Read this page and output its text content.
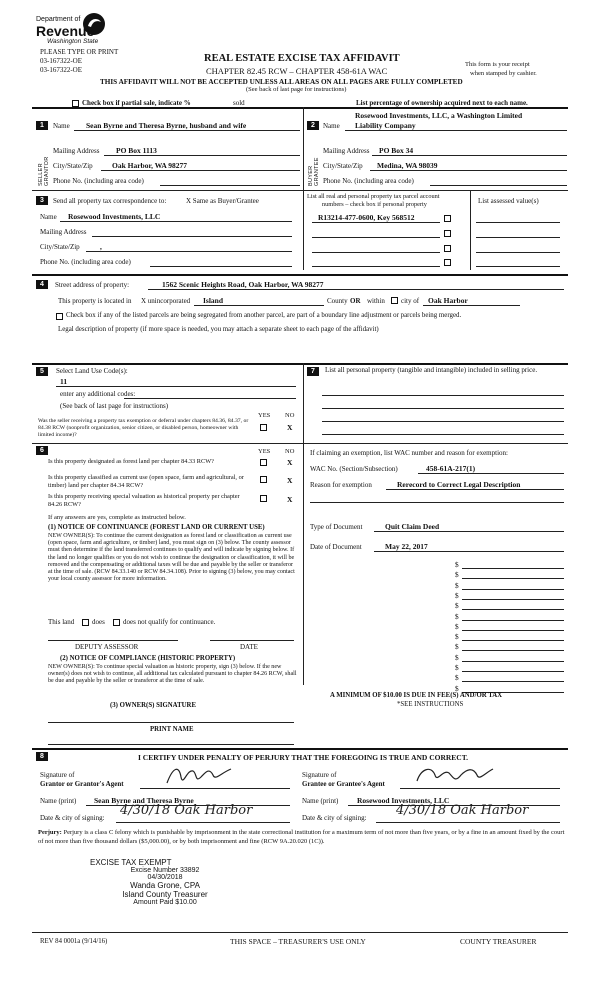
Department of
Revenue
Washington State
PLEASE TYPE OR PRINT
03-167322-OE
03-167322-OE
REAL ESTATE EXCISE TAX AFFIDAVIT
CHAPTER 82.45 RCW – CHAPTER 458-61A WAC
This form is your receipt
when stamped by cashier.
THIS AFFIDAVIT WILL NOT BE ACCEPTED UNLESS ALL AREAS ON ALL PAGES ARE FULLY COMPLETED
(See back of last page for instructions)
Check box if partial sale, indicate %	sold	List percentage of ownership acquired next to each name.
1	Name Sean Byrne and Theresa Byrne, husband and wife
SELLER GRANTOR
Mailing Address PO Box 1113
City/State/Zip	Oak Harbor, WA 98277
Phone No. (including area code)
2
Rosewood Investments, LLC, a Washington Limited
Name Liability Company
BUYER GRANTEE
Mailing Address PO Box 34
City/State/Zip Medina, WA 98039
Phone No. (including area code)
3	Send all property tax correspondence to:	X Same as Buyer/Grantee
Name Rosewood Investments, LLC
Mailing Address
City/State/Zip	,
Phone No. (including area code)
List all real and personal property tax parcel account
numbers – check box if personal property	List assessed value(s)
R13214-477-0600, Key 568512
4	Street address of property:	1562 Scenic Heights Road, Oak Harbor, WA 98277
This property is located in X unincorporated Island	County OR within city of Oak Harbor
Check box if any of the listed parcels are being segregated from another parcel, are part of a boundary line adjustment or parcels being merged.
Legal description of property (if more space is needed, you may attach a separate sheet to each page of the affidavit)
5	Select Land Use Code(s):
11
enter any additional codes:
(See back of last page for instructions)
YES NO
Was the seller receiving a property tax exemption or deferral under chapters 84.36, 84.37, or 84.38 RCW (nonprofit organization, senior citizen, or disabled person, homeowner with limited income)?
X
7	List all personal property (tangible and intangible) included in selling price.
6	YES NO
Is this property designated as forest land per chapter 84.33 RCW?	X
Is this property classified as current use (open space, farm and agricultural, or timber) land per chapter 84.34 RCW?	X
Is this property receiving special valuation as historical property per chapter 84.26 RCW?	X
If any answers are yes, complete as instructed below.
(1) NOTICE OF CONTINUANCE (FOREST LAND OR CURRENT USE)
NEW OWNER(S): To continue the current designation as forest land or classification as current use (open space, farm and agriculture, or timber) land, you must sign on (3) below. The county assessor must then determine if the land transferred continues to qualify and will indicate by signing below. If the land no longer qualifies or you do not wish to continue the designation or classification, it will be removed and the compensating or additional taxes will be due and payable by the seller or transferor at the time of sale. (RCW 84.33.140 or RCW 84.34.108). Prior to signing (3) below, you may contact your local county assessor for more information.
This land	does	does not qualify for continuance.
DEPUTY ASSESSOR	DATE
(2) NOTICE OF COMPLIANCE (HISTORIC PROPERTY)
NEW OWNER(S): To continue special valuation as historic property, sign (3) below. If the new owner(s) does not wish to continue, all additional tax calculated pursuant to chapter 84.26 RCW, shall be due and payable by the seller or transferor at the time of sale.
(3) OWNER(S) SIGNATURE
PRINT NAME
If claiming an exemption, list WAC number and reason for exemption:
WAC No. (Section/Subsection)	458-61A-217(1)
Reason for exemption	Rerecord to Correct Legal Description
Type of Document	Quit Claim Deed
Date of Document	May 22, 2017
$
$
$
$
$
$
$
$
$
$
$
$
$
A MINIMUM OF $10.00 IS DUE IN FEE(S) AND/OR TAX
*SEE INSTRUCTIONS
8	I CERTIFY UNDER PENALTY OF PERJURY THAT THE FOREGOING IS TRUE AND CORRECT.
Signature of
Grantor or Grantor's Agent
Signature of
Grantee or Grantee's Agent
Name (print) Sean Byrne and Theresa Byrne	Name (print) Rosewood Investments, LLC
Date & city of signing: 4/30/18 Oak Harbor	Date & city of signing: 4/30/18 Oak Harbor
Perjury: Perjury is a class C felony which is punishable by imprisonment in the state correctional institution for a maximum term of not more than five years, or by a fine in an amount fixed by the court of not more than five thousand dollars ($5,000.00), or by both imprisonment and fine (RCW 9A.20.020 (1C)).
EXCISE TAX EXEMPT
Excise Number 33892
04/30/2018
Wanda Grone, CPA
Island County Treasurer
Amount Paid $10.00
REV 84 0001a (9/14/16)	THIS SPACE – TREASURER'S USE ONLY	COUNTY TREASURER
